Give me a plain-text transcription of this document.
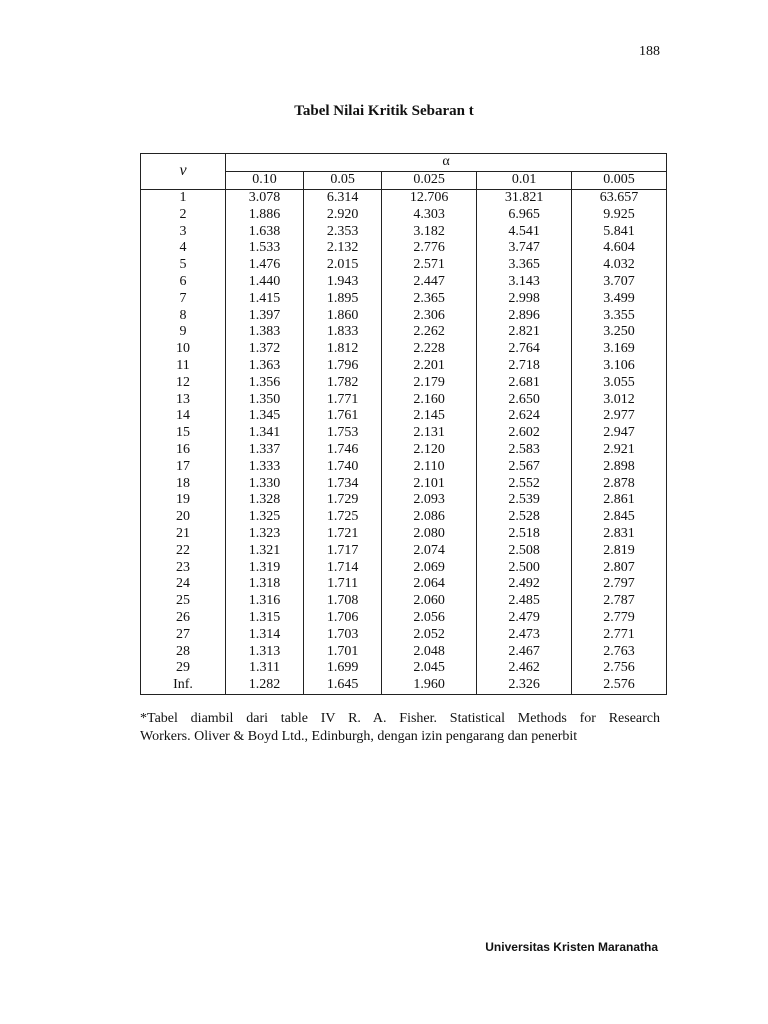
188
Tabel Nilai Kritik Sebaran t
ν	α				
	0.10	0.05	0.025	0.01	0.005
1	3.078	6.314	12.706	31.821	63.657
2	1.886	2.920	4.303	6.965	9.925
3	1.638	2.353	3.182	4.541	5.841
4	1.533	2.132	2.776	3.747	4.604
5	1.476	2.015	2.571	3.365	4.032
6	1.440	1.943	2.447	3.143	3.707
7	1.415	1.895	2.365	2.998	3.499
8	1.397	1.860	2.306	2.896	3.355
9	1.383	1.833	2.262	2.821	3.250
10	1.372	1.812	2.228	2.764	3.169
11	1.363	1.796	2.201	2.718	3.106
12	1.356	1.782	2.179	2.681	3.055
13	1.350	1.771	2.160	2.650	3.012
14	1.345	1.761	2.145	2.624	2.977
15	1.341	1.753	2.131	2.602	2.947
16	1.337	1.746	2.120	2.583	2.921
17	1.333	1.740	2.110	2.567	2.898
18	1.330	1.734	2.101	2.552	2.878
19	1.328	1.729	2.093	2.539	2.861
20	1.325	1.725	2.086	2.528	2.845
21	1.323	1.721	2.080	2.518	2.831
22	1.321	1.717	2.074	2.508	2.819
23	1.319	1.714	2.069	2.500	2.807
24	1.318	1.711	2.064	2.492	2.797
25	1.316	1.708	2.060	2.485	2.787
26	1.315	1.706	2.056	2.479	2.779
27	1.314	1.703	2.052	2.473	2.771
28	1.313	1.701	2.048	2.467	2.763
29	1.311	1.699	2.045	2.462	2.756
Inf.	1.282	1.645	1.960	2.326	2.576
*Tabel diambil dari table IV R. A. Fisher. Statistical Methods for Research
Workers. Oliver & Boyd Ltd., Edinburgh, dengan izin pengarang dan penerbit
Universitas Kristen Maranatha
